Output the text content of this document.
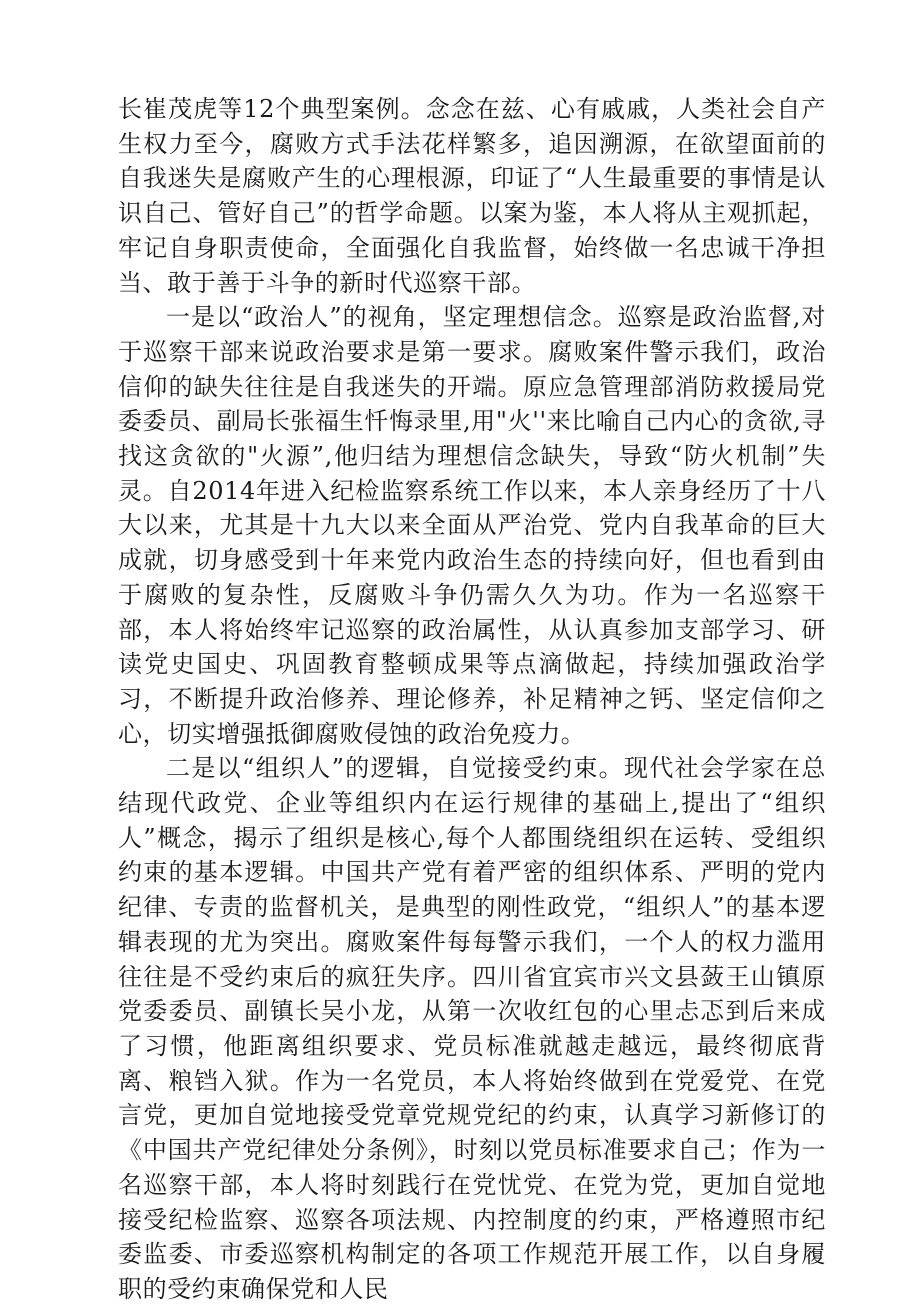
长崔茂虎等12个典型案例。念念在兹、心有戚戚，人类社会自产生权力至今，腐败方式手法花样繁多，追因溯源，在欲望面前的自我迷失是腐败产生的心理根源，印证了“人生最重要的事情是认识自己、管好自己”的哲学命题。以案为鉴，本人将从主观抓起，牢记自身职责使命，全面强化自我监督，始终做一名忠诚干净担当、敢于善于斗争的新时代巡察干部。

一是以“政治人”的视角，坚定理想信念。巡察是政治监督,对于巡察干部来说政治要求是第一要求。腐败案件警示我们，政治信仰的缺失往往是自我迷失的开端。原应急管理部消防救援局党委委员、副局长张福生忏悔录里,用"火''来比喻自己内心的贪欲,寻找这贪欲的"火源”,他归结为理想信念缺失，导致“防火机制”失灵。自2014年进入纪检监察系统工作以来，本人亲身经历了十八大以来，尤其是十九大以来全面从严治党、党内自我革命的巨大成就，切身感受到十年来党内政治生态的持续向好，但也看到由于腐败的复杂性，反腐败斗争仍需久久为功。作为一名巡察干部，本人将始终牢记巡察的政治属性，从认真参加支部学习、研读党史国史、巩固教育整顿成果等点滴做起，持续加强政治学习，不断提升政治修养、理论修养，补足精神之钙、坚定信仰之心，切实增强抵御腐败侵蚀的政治免疫力。

二是以“组织人”的逻辑，自觉接受约束。现代社会学家在总结现代政党、企业等组织内在运行规律的基础上,提出了“组织人”概念，揭示了组织是核心,每个人都围绕组织在运转、受组织约束的基本逻辑。中国共产党有着严密的组织体系、严明的党内纪律、专责的监督机关，是典型的刚性政党，“组织人”的基本逻辑表现的尤为突出。腐败案件每每警示我们，一个人的权力滥用往往是不受约束后的疯狂失序。四川省宜宾市兴文县蔹王山镇原党委委员、副镇长吴小龙，从第一次收红包的心里忐忑到后来成了习惯，他距离组织要求、党员标准就越走越远，最终彻底背离、粮铛入狱。作为一名党员，本人将始终做到在党爱党、在党言党，更加自觉地接受党章党规党纪的约束，认真学习新修订的《中国共产党纪律处分条例》，时刻以党员标准要求自己；作为一名巡察干部，本人将时刻践行在党忧党、在党为党，更加自觉地接受纪检监察、巡察各项法规、内控制度的约束，严格遵照市纪委监委、市委巡察机构制定的各项工作规范开展工作，以自身履职的受约束确保党和人民
